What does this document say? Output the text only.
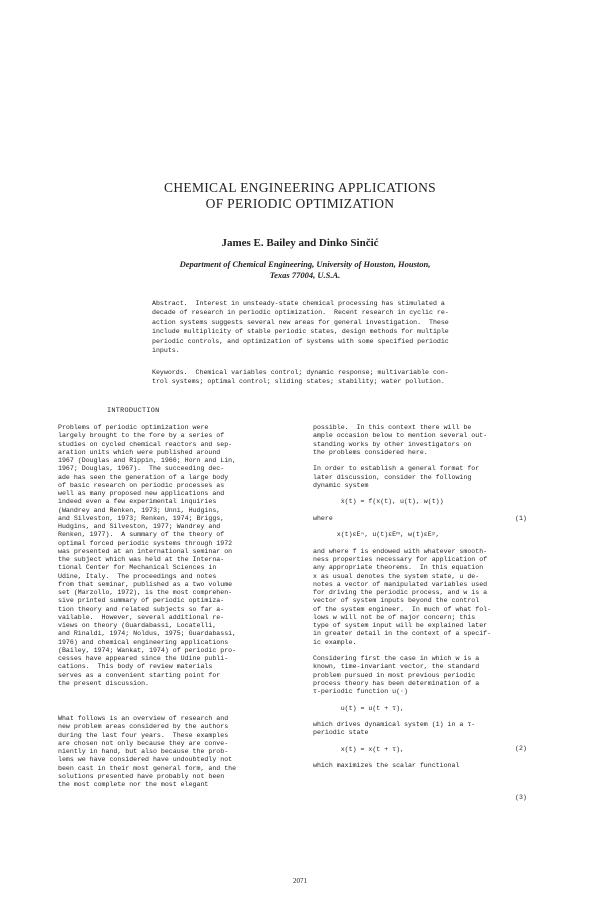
CHEMICAL ENGINEERING APPLICATIONS
OF PERIODIC OPTIMIZATION
James E. Bailey and Dinko Sinčić
Department of Chemical Engineering, University of Houston, Houston,
Texas 77004, U.S.A.
Abstract.  Interest in unsteady-state chemical processing has stimulated a
decade of research in periodic optimization.  Recent research in cyclic re-
action systems suggests several new areas for general investigation.  These
include multiplicity of stable periodic states, design methods for multiple
periodic controls, and optimization of systems with some specified periodic
inputs.
Keywords.  Chemical variables control; dynamic response; multivariable con-
trol systems; optimal control; sliding states; stability; water pollution.
INTRODUCTION
Problems of periodic optimization were
largely brought to the fore by a series of
studies on cycled chemical reactors and sep-
aration units which were published around
1967 (Douglas and Rippin, 1966; Horn and Lin,
1967; Douglas, 1967).  The succeeding dec-
ade has seen the generation of a large body
of basic research on periodic processes as
well as many proposed new applications and
indeed even a few experimental inquiries
(Wandrey and Renken, 1973; Unni, Hudgins,
and Silveston, 1973; Renken, 1974; Briggs,
Hudgins, and Silveston, 1977; Wandrey and
Renken, 1977).  A summary of the theory of
optimal forced periodic systems through 1972
was presented at an international seminar on
the subject which was held at the Interna-
tional Center for Mechanical Sciences in
Udine, Italy.  The proceedings and notes
from that seminar, published as a two volume
set (Marzollo, 1972), is the most comprehen-
sive printed summary of periodic optimiza-
tion theory and related subjects so far a-
vailable.  However, several additional re-
views on theory (Guardabassi, Locatelli,
and Rinaldi, 1974; Noldus, 1975; Guardabassi,
1976) and chemical engineering applications
(Bailey, 1974; Wankat, 1974) of periodic pro-
cesses have appeared since the Udine publi-
cations.  This body of review materials
serves as a convenient starting point for
the present discussion.
What follows is an overview of research and
new problem areas considered by the authors
during the last four years.  These examples
are chosen not only because they are conve-
niently in hand, but also because the prob-
lems we have considered have undoubtedly not
been cast in their most general form, and the
solutions presented have probably not been
the most complete nor the most elegant
possible.  In this context there will be
ample occasion below to mention several out-
standing works by other investigators on
the problems considered here.

In order to establish a general format for
later discussion, consider the following
dynamic system

ẋ(t) = f(x(t), u(t), w(t))

where

x(t)εEⁿ, u(t)εEᵐ, w(t)εEᵖ,

and where f is endowed with whatever smooth-
ness properties necessary for application of
any appropriate theorems.  In this equation
x as usual denotes the system state, u de-
notes a vector of manipulated variables used
for driving the periodic process, and w is a
vector of system inputs beyond the control
of the system engineer.  In much of what fol-
lows w will not be of major concern; this
type of system input will be explained later
in greater detail in the context of a specif-
ic example.

Considering first the case in which w is a
known, time-invariant vector, the standard
problem pursued in most previous periodic
process theory has been determination of a
τ-periodic function u(·)

u(t) = u(t + τ),

which drives dynamical system (1) in a τ-
periodic state

x(t) = x(t + τ),

which maximizes the scalar functional
(1)
(2)
(3)
2071
